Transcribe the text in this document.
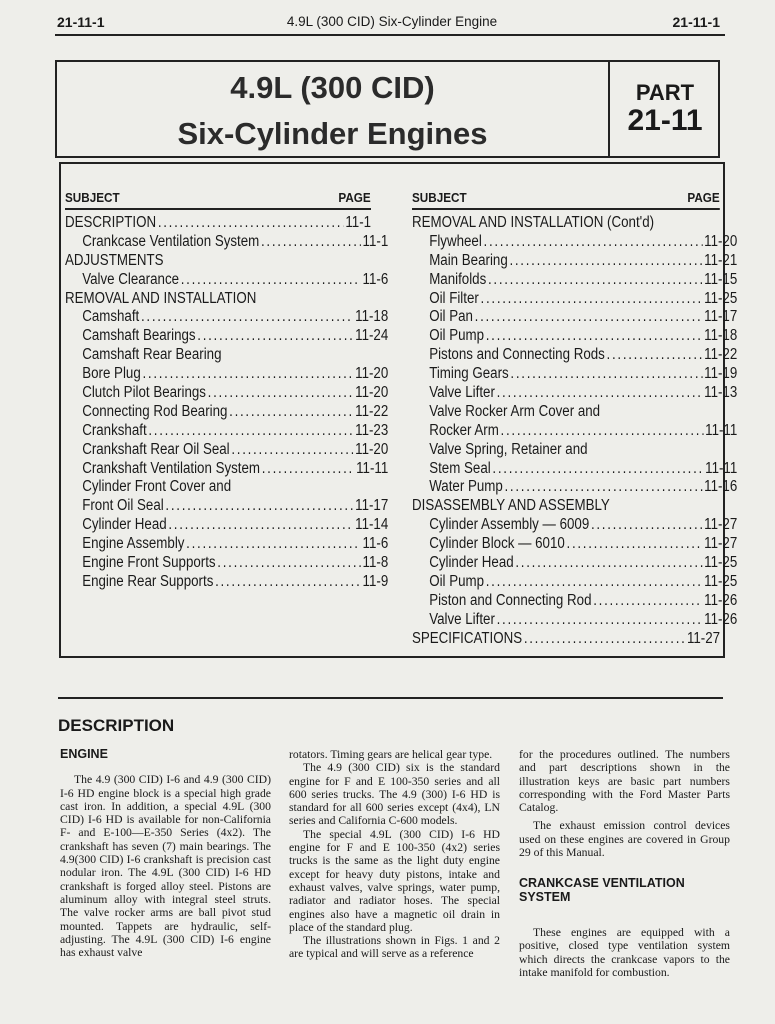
21-11-1	4.9L (300 CID) Six-Cylinder Engine	21-11-1
4.9L (300 CID)
Six-Cylinder Engines
PART
21-11
SUBJECT	PAGE
DESCRIPTION .....	11-1
Crankcase Ventilation System .....	11-1
ADJUSTMENTS
Valve Clearance .....	11-6
REMOVAL AND INSTALLATION
Camshaft .....	11-18
Camshaft Bearings .....	11-24
Camshaft Rear Bearing
Bore Plug .....	11-20
Clutch Pilot Bearings .....	11-20
Connecting Rod Bearing .....	11-22
Crankshaft .....	11-23
Crankshaft Rear Oil Seal .....	11-20
Crankshaft Ventilation System .....	11-11
Cylinder Front Cover and
Front Oil Seal .....	11-17
Cylinder Head .....	11-14
Engine Assembly .....	11-6
Engine Front Supports .....	11-8
Engine Rear Supports .....	11-9
SUBJECT	PAGE
REMOVAL AND INSTALLATION (Cont'd)
Flywheel .....	11-20
Main Bearing .....	11-21
Manifolds .....	11-15
Oil Filter .....	11-25
Oil Pan .....	11-17
Oil Pump .....	11-18
Pistons and Connecting Rods .....	11-22
Timing Gears .....	11-19
Valve Lifter .....	11-13
Valve Rocker Arm Cover and
Rocker Arm .....	11-11
Valve Spring, Retainer and
Stem Seal .....	11-11
Water Pump .....	11-16
DISASSEMBLY AND ASSEMBLY
Cylinder Assembly — 6009 .....	11-27
Cylinder Block — 6010 .....	11-27
Cylinder Head .....	11-25
Oil Pump .....	11-25
Piston and Connecting Rod .....	11-26
Valve Lifter .....	11-26
SPECIFICATIONS .....	11-27
DESCRIPTION
ENGINE

The 4.9 (300 CID) I-6 and 4.9 (300 CID) I-6 HD engine block is a special high grade cast iron. In addition, a special 4.9L (300 CID) I-6 HD is available for non-California F- and E-100—E-350 Series (4x2). The crankshaft has seven (7) main bearings. The 4.9(300 CID) I-6 crankshaft is precision cast nodular iron. The 4.9L (300 CID) I-6 HD crankshaft is forged alloy steel. Pistons are aluminum alloy with integral steel struts. The valve rocker arms are ball pivot stud mounted. Tappets are hydraulic, self-adjusting. The 4.9L (300 CID) I-6 engine has exhaust valve

rotators. Timing gears are helical gear type.

The 4.9 (300 CID) six is the standard engine for F and E 100-350 series and all 600 series trucks. The 4.9 (300) I-6 HD is standard for all 600 series except (4x4), LN series and California C-600 models.

The special 4.9L (300 CID) I-6 HD engine for F and E 100-350 (4x2) series trucks is the same as the light duty engine except for heavy duty pistons, intake and exhaust valves, valve springs, water pump, radiator and radiator hoses. The special engines also have a magnetic oil drain in place of the standard plug.

The illustrations shown in Figs. 1 and 2 are typical and will serve as a reference

for the procedures outlined. The numbers and part descriptions shown in the illustration keys are basic part numbers corresponding with the Ford Master Parts Catalog.

The exhaust emission control devices used on these engines are covered in Group 29 of this Manual.

CRANKCASE VENTILATION SYSTEM

These engines are equipped with a positive, closed type ventilation system which directs the crankcase vapors to the intake manifold for combustion.
